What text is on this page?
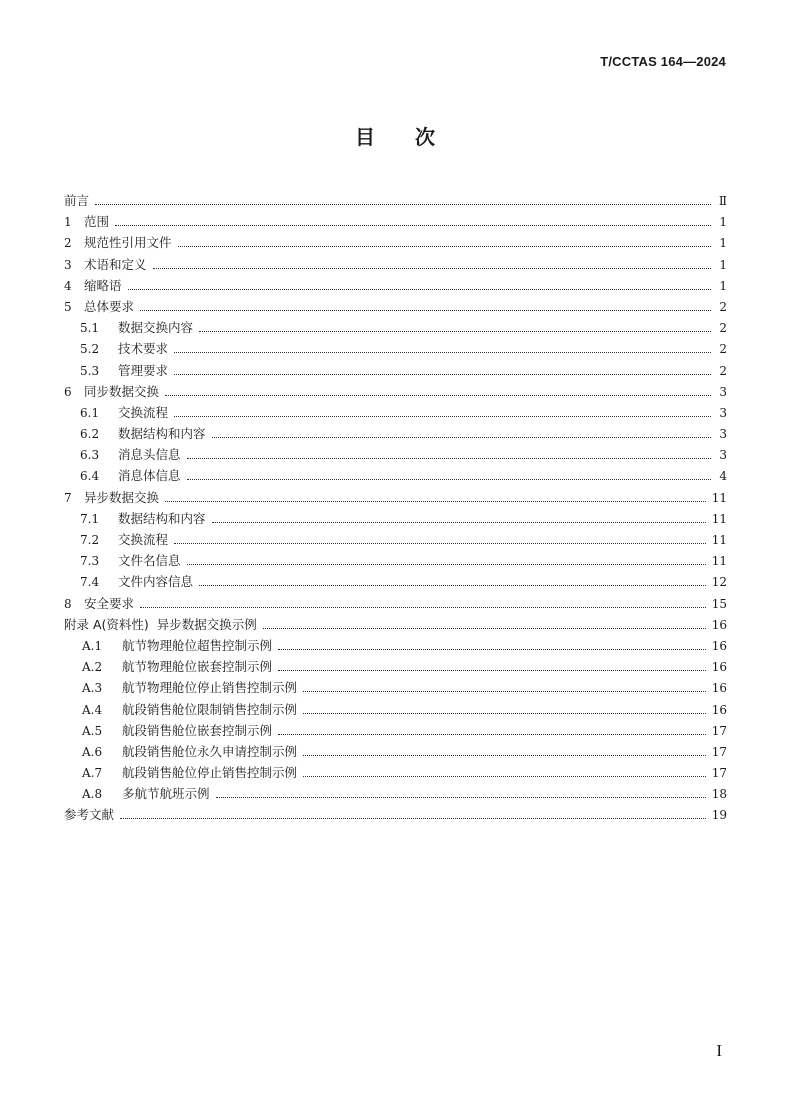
T/CCTAS 164—2024
目 次
前言	Ⅱ
1 范围	1
2 规范性引用文件	1
3 术语和定义	1
4 缩略语	1
5 总体要求	2
5.1	数据交换内容	2
5.2	技术要求	2
5.3	管理要求	2
6 同步数据交换	3
6.1	交换流程	3
6.2	数据结构和内容	3
6.3	消息头信息	3
6.4	消息体信息	4
7 异步数据交换	11
7.1	数据结构和内容	11
7.2	交换流程	11
7.3	文件名信息	11
7.4	文件内容信息	12
8 安全要求	15
附录 A(资料性)  异步数据交换示例	16
A.1	航节物理舱位超售控制示例	16
A.2	航节物理舱位嵌套控制示例	16
A.3	航节物理舱位停止销售控制示例	16
A.4	航段销售舱位限制销售控制示例	16
A.5	航段销售舱位嵌套控制示例	17
A.6	航段销售舱位永久申请控制示例	17
A.7	航段销售舱位停止销售控制示例	17
A.8	多航节航班示例	18
参考文献	19
I
